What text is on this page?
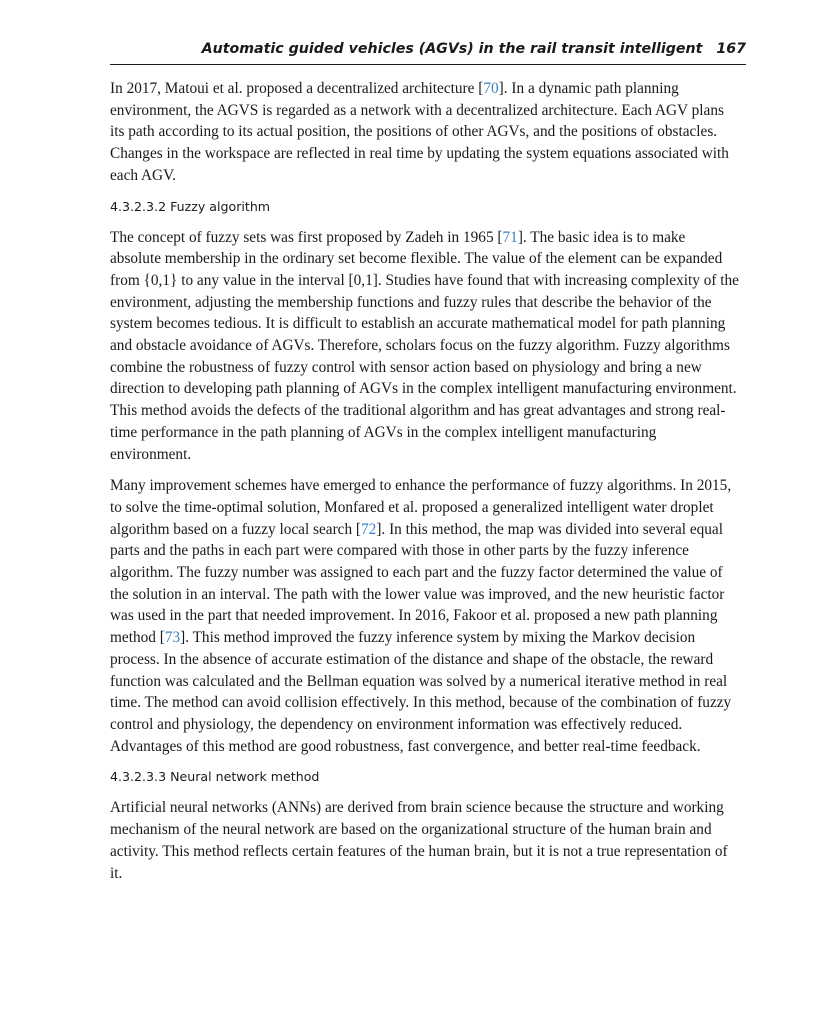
Automatic guided vehicles (AGVs) in the rail transit intelligent 167

In 2017, Matoui et al. proposed a decentralized architecture [70]. In a dynamic path planning environment, the AGVS is regarded as a network with a decentralized architecture. Each AGV plans its path according to its actual position, the positions of other AGVs, and the positions of obstacles. Changes in the workspace are reflected in real time by updating the system equations associated with each AGV.

4.3.2.3.2 Fuzzy algorithm

The concept of fuzzy sets was first proposed by Zadeh in 1965 [71]. The basic idea is to make absolute membership in the ordinary set become flexible. The value of the element can be expanded from {0,1} to any value in the interval [0,1]. Studies have found that with increasing complexity of the environment, adjusting the membership functions and fuzzy rules that describe the behavior of the system becomes tedious. It is difficult to establish an accurate mathematical model for path planning and obstacle avoidance of AGVs. Therefore, scholars focus on the fuzzy algorithm. Fuzzy algorithms combine the robustness of fuzzy control with sensor action based on physiology and bring a new direction to developing path planning of AGVs in the complex intelligent manufacturing environment. This method avoids the defects of the traditional algorithm and has great advantages and strong real-time performance in the path planning of AGVs in the complex intelligent manufacturing environment.

Many improvement schemes have emerged to enhance the performance of fuzzy algorithms. In 2015, to solve the time-optimal solution, Monfared et al. proposed a generalized intelligent water droplet algorithm based on a fuzzy local search [72]. In this method, the map was divided into several equal parts and the paths in each part were compared with those in other parts by the fuzzy inference algorithm. The fuzzy number was assigned to each part and the fuzzy factor determined the value of the solution in an interval. The path with the lower value was improved, and the new heuristic factor was used in the part that needed improvement. In 2016, Fakoor et al. proposed a new path planning method [73]. This method improved the fuzzy inference system by mixing the Markov decision process. In the absence of accurate estimation of the distance and shape of the obstacle, the reward function was calculated and the Bellman equation was solved by a numerical iterative method in real time. The method can avoid collision effectively. In this method, because of the combination of fuzzy control and physiology, the dependency on environment information was effectively reduced. Advantages of this method are good robustness, fast convergence, and better real-time feedback.

4.3.2.3.3 Neural network method

Artificial neural networks (ANNs) are derived from brain science because the structure and working mechanism of the neural network are based on the organizational structure of the human brain and activity. This method reflects certain features of the human brain, but it is not a true representation of it.
